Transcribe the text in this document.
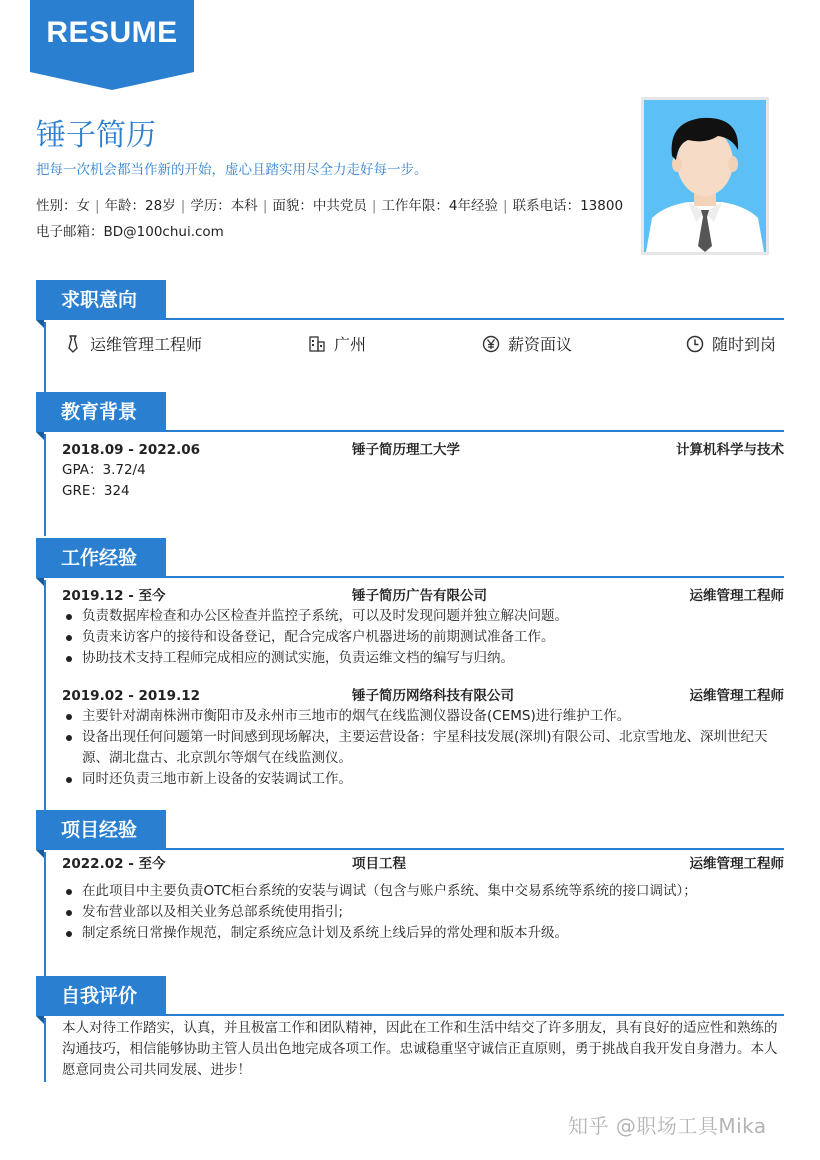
RESUME
锤子简历
把每一次机会都当作新的开始，虚心且踏实用尽全力走好每一步。
性别：女 | 年龄：28岁 | 学历：本科 | 面貌：中共党员 | 工作年限：4年经验 | 联系电话：13800
电子邮箱：BD@100chui.com
求职意向
运维管理工程师	广州	薪资面议	随时到岗
教育背景
2018.09 - 2022.06	锤子简历理工大学	计算机科学与技术
GPA：3.72/4
GRE：324
工作经验
2019.12 - 至今	锤子简历广告有限公司	运维管理工程师
负责数据库检查和办公区检查并监控子系统，可以及时发现问题并独立解决问题。
负责来访客户的接待和设备登记，配合完成客户机器进场的前期测试准备工作。
协助技术支持工程师完成相应的测试实施，负责运维文档的编写与归纳。
2019.02 - 2019.12	锤子简历网络科技有限公司	运维管理工程师
主要针对湖南株洲市衡阳市及永州市三地市的烟气在线监测仪器设备(CEMS)进行维护工作。
设备出现任何问题第一时间感到现场解决，主要运营设备：宇星科技发展(深圳)有限公司、北京雪地龙、深圳世纪天源、湖北盘古、北京凯尔等烟气在线监测仪。
同时还负责三地市新上设备的安装调试工作。
项目经验
2022.02 - 至今	项目工程	运维管理工程师
在此项目中主要负责OTC柜台系统的安装与调试（包含与账户系统、集中交易系统等系统的接口调试）；
发布营业部以及相关业务总部系统使用指引;
制定系统日常操作规范，制定系统应急计划及系统上线后异的常处理和版本升级。
自我评价
本人对待工作踏实，认真，并且极富工作和团队精神，因此在工作和生活中结交了许多朋友，具有良好的适应性和熟练的沟通技巧，相信能够协助主管人员出色地完成各项工作。忠诚稳重坚守诚信正直原则，勇于挑战自我开发自身潜力。本人愿意同贵公司共同发展、进步！
知乎 @职场工具Mika
